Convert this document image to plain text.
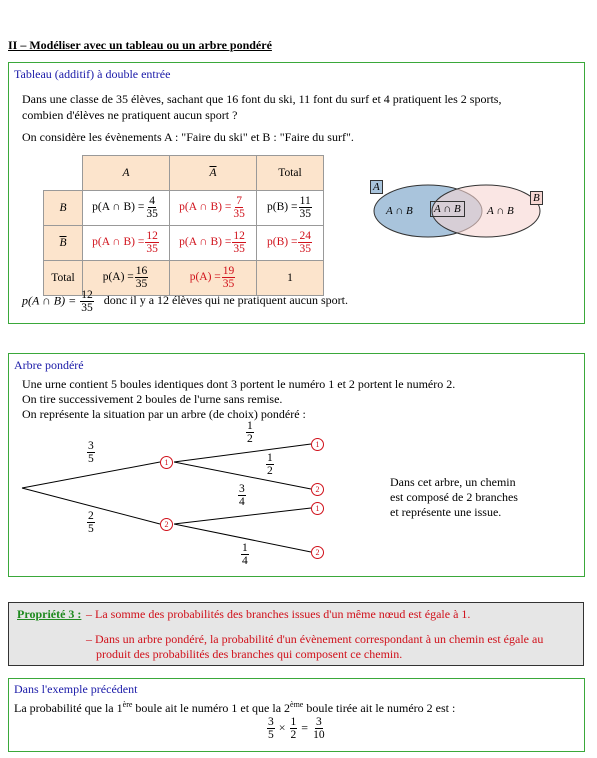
II – Modéliser avec un tableau ou un arbre pondéré
Tableau (additif) à double entrée
Dans une classe de 35 élèves, sachant que 16 font du ski, 11 font du surf et 4 pratiquent les 2 sports,
combien d'élèves ne pratiquent aucun sport ?
On considère les évènements A : "Faire du ski" et B : "Faire du surf".
	A	$\overline{A}$	Total
B	p(A ∩ $B) = \frac{4}{35}$	p(A ∩ $B) = \frac{7}{35}$	$p(B) = \frac{11}{35}$

$\overline{B}$	p(A ∩ $B) = \frac{12}{35}$	p(A ∩ $B) = \frac{12}{35}$	$p(B) = \frac{24}{35}$

Total	$p(A) = \frac{16}{35}$	$p(A) = \frac{19}{35}$	1
A
B
A ∩ B	A ∩ B	A ∩ B
p(A ∩ $B) = \frac{12}{35}$ donc il y a 12 élèves qui ne pratiquent aucun sport.
Arbre pondéré
Une urne contient 5 boules identiques dont 3 portent le numéro 1 et 2 portent le numéro 2.
On tire successivement 2 boules de l'urne sans remise.
On représente la situation par un arbre (de choix) pondéré :
$\frac{3}{5}$
$\frac{2}{5}$
$\frac{1}{2}$
$\frac{1}{2}$
$\frac{3}{4}$
$\frac{1}{4}$
1
2
1
2
1
2
Dans cet arbre, un chemin
est composé de 2 branches
et représente une issue.
Propriété 3 : – La somme des probabilités des branches issues d'un même nœud est égale à 1.
– Dans un arbre pondéré, la probabilité d'un évènement correspondant à un chemin est égale au
produit des probabilités des branches qui composent ce chemin.
Dans l'exemple précédent
La probabilité que la 1ère boule ait le numéro 1 et que la 2ème boule tirée ait le numéro 2 est :
$\frac{3}{5} \times \frac{1}{2} = \frac{3}{10}$
